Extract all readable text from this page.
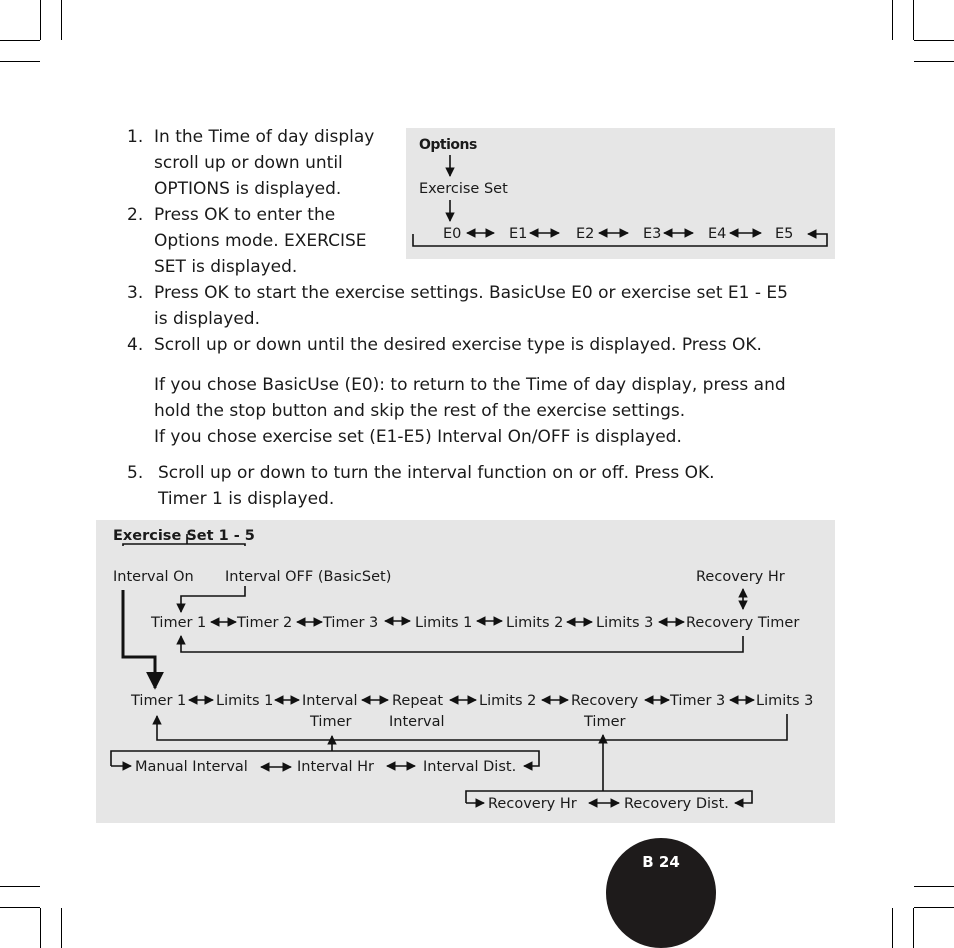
1. In the Time of day display
scroll up or down until
OPTIONS is displayed.
2. Press OK to enter the
Options mode. EXERCISE
SET is displayed.
3. Press OK to start the exercise settings. BasicUse E0 or exercise set E1 - E5
is displayed.
4. Scroll up or down until the desired exercise type is displayed. Press OK.
If you chose BasicUse (E0): to return to the Time of day display, press and
hold the stop button and skip the rest of the exercise settings.
If you chose exercise set (E1-E5) Interval On/OFF is displayed.
5. Scroll up or down to turn the interval function on or off. Press OK.
Timer 1 is displayed.
Options
Exercise Set
E0	E1	E2	E3	E4	E5
Exercise Set 1 - 5
Interval On Interval OFF (BasicSet)	Recovery Hr
Timer 1 Timer 2 Timer 3	Limits 1 Limits 2 Limits 3 Recovery Timer
Timer 1 Limits 1 Interval
Timer
Repeat
Interval
Limits 2 Recovery
Timer
Timer 3 Limits 3
Manual Interval	Interval Hr	Interval Dist.
Recovery Hr	Recovery Dist.
B 24
